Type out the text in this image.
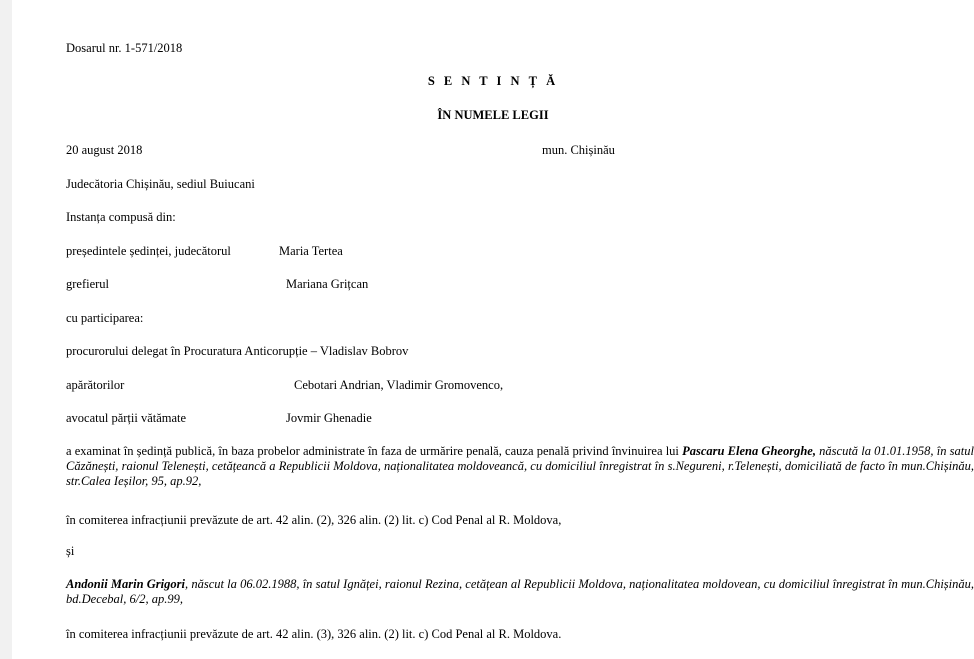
Dosarul nr. 1-571/2018
S E N T I N Ț Ă
ÎN NUMELE LEGII
20 august 2018	mun. Chișinău
Judecătoria Chișinău, sediul Buiucani
Instanța compusă din:
președintele ședinței, judecătorul	Maria Tertea
grefierul	Mariana Grițcan
cu participarea:
procurorului delegat în Procuratura Anticorupție – Vladislav Bobrov
apărătorilor	Cebotari Andrian, Vladimir Gromovenco,
avocatul părții vătămate	Jovmir Ghenadie
a examinat în ședință publică, în baza probelor administrate în faza de urmărire penală, cauza penală privind învinuirea lui Pascaru Elena Gheorghe, născută la 01.01.1958, în satul Căzănești, raionul Telenești, cetățeancă a Republicii Moldova, naționalitatea moldoveancă, cu domiciliul înregistrat în s.Negureni, r.Telenești, domiciliată de facto în mun.Chișinău, str.Calea Ieșilor, 95, ap.92,
în comiterea infracțiunii prevăzute de art. 42 alin. (2), 326 alin. (2) lit. c) Cod Penal al R. Moldova,
și
Andonii Marin Grigori, născut la 06.02.1988, în satul Ignăței, raionul Rezina, cetățean al Republicii Moldova, naționalitatea moldovean, cu domiciliul înregistrat în mun.Chișinău, bd.Decebal, 6/2, ap.99,
în comiterea infracțiunii prevăzute de art. 42 alin. (3), 326 alin. (2) lit. c) Cod Penal al R. Moldova.
